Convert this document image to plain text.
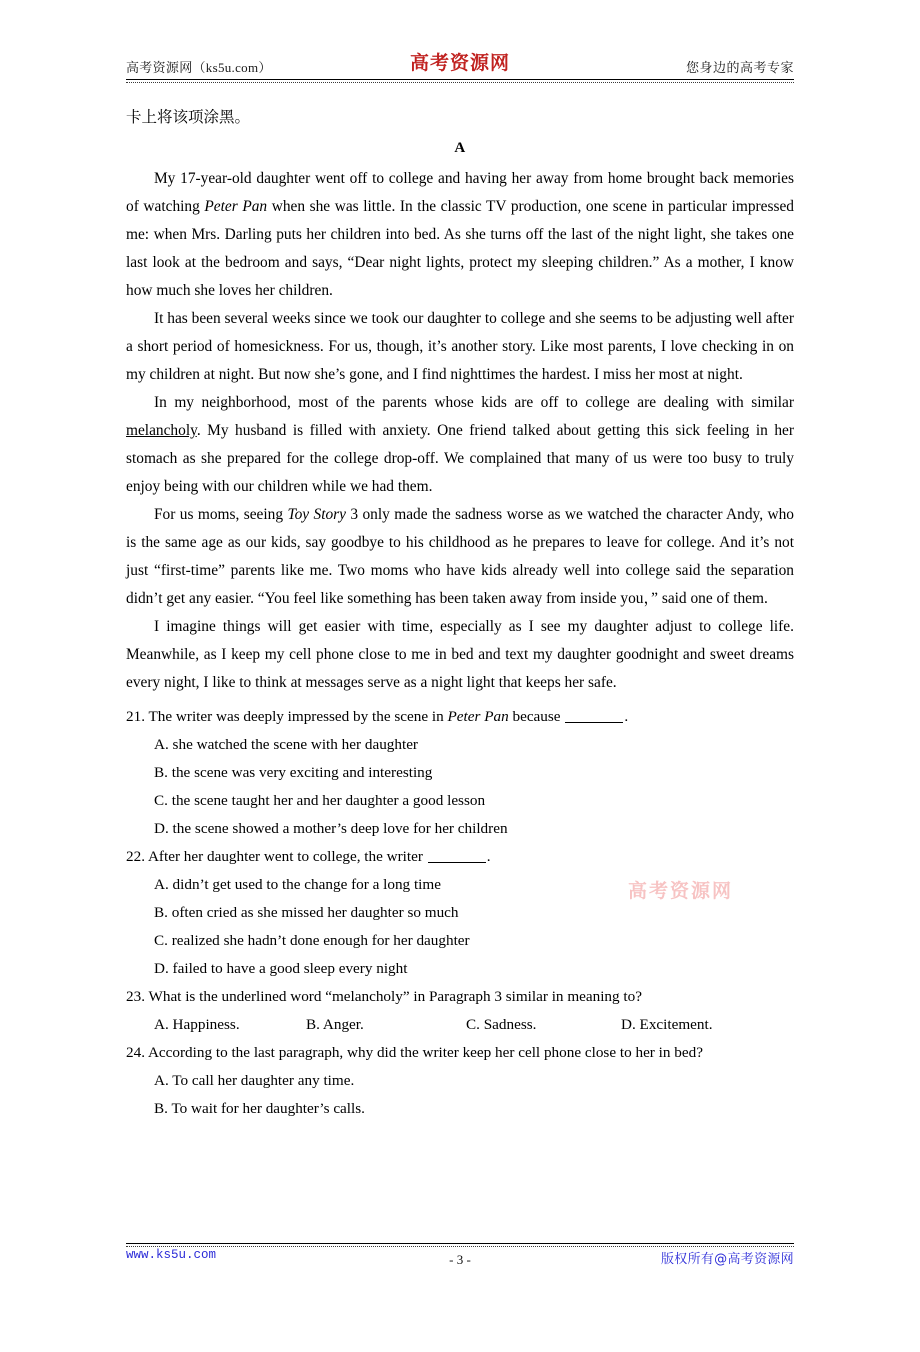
高考资源网（ks5u.com）	高考资源网	您身边的高考专家
卡上将该项涂黑。
A

My 17-year-old daughter went off to college and having her away from home brought back memories of watching Peter Pan when she was little. In the classic TV production, one scene in particular impressed me: when Mrs. Darling puts her children into bed. As she turns off the last of the night light, she takes one last look at the bedroom and says, “Dear night lights, protect my sleeping children.” As a mother, I know how much she loves her children.

It has been several weeks since we took our daughter to college and she seems to be adjusting well after a short period of homesickness. For us, though, it’s another story. Like most parents, I love checking in on my children at night. But now she’s gone, and I find nighttimes the hardest. I miss her most at night.

In my neighborhood, most of the parents whose kids are off to college are dealing with similar melancholy. My husband is filled with anxiety. One friend talked about getting this sick feeling in her stomach as she prepared for the college drop-off. We complained that many of us were too busy to truly enjoy being with our children while we had them.

For us moms, seeing Toy Story 3 only made the sadness worse as we watched the character Andy, who is the same age as our kids, say goodbye to his childhood as he prepares to leave for college. And it’s not just “first-time” parents like me. Two moms who have kids already well into college said the separation didn’t get any easier. “You feel like something has been taken away from inside you，” said one of them.

I imagine things will get easier with time, especially as I see my daughter adjust to college life. Meanwhile, as I keep my cell phone close to me in bed and text my daughter goodnight and sweet dreams every night, I like to think at messages serve as a night light that keeps her safe.

21. The writer was deeply impressed by the scene in Peter Pan because	.

A. she watched the scene with her daughter
B. the scene was very exciting and interesting
C. the scene taught her and her daughter a good lesson
D. the scene showed a mother’s deep love for her children

22. After her daughter went to college, the writer	.

A. didn’t get used to the change for a long time
B. often cried as she missed her daughter so much
C. realized she hadn’t done enough for her daughter
D. failed to have a good sleep every night

23. What is the underlined word “melancholy” in Paragraph 3 similar in meaning to?

A. Happiness.	B. Anger.	C. Sadness.	D. Excitement.

24. According to the last paragraph, why did the writer keep her cell phone close to her in bed?

A. To call her daughter any time.
B. To wait for her daughter’s calls.
高考资源网
www.ks5u.com	- 3 -	版权所有@高考资源网
